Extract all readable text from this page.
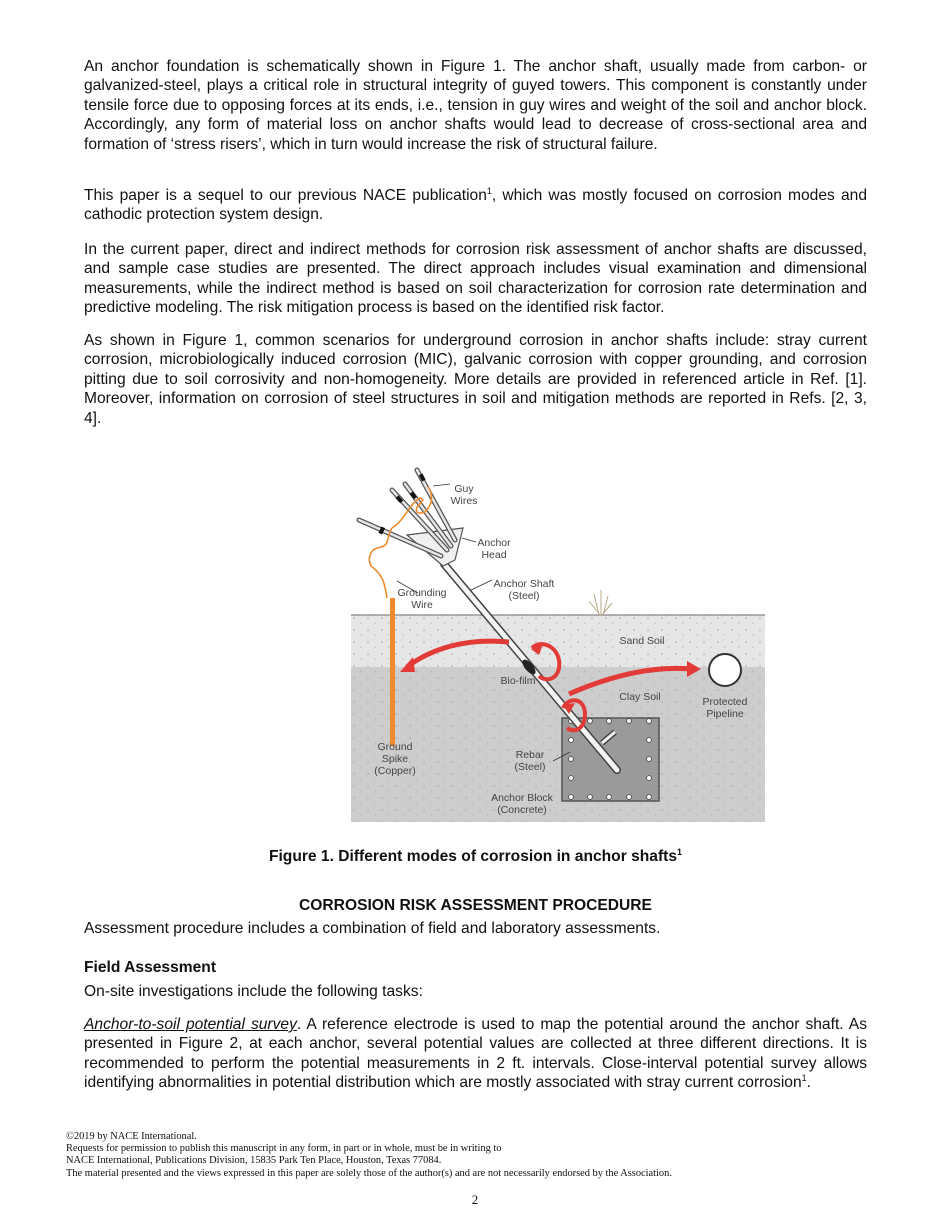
An anchor foundation is schematically shown in Figure 1. The anchor shaft, usually made from carbon- or galvanized-steel, plays a critical role in structural integrity of guyed towers. This component is constantly under tensile force due to opposing forces at its ends, i.e., tension in guy wires and weight of the soil and anchor block. Accordingly, any form of material loss on anchor shafts would lead to decrease of cross-sectional area and formation of ‘stress risers’, which in turn would increase the risk of structural failure.

This paper is a sequel to our previous NACE publication$^1$, which was mostly focused on corrosion modes and cathodic protection system design.

In the current paper, direct and indirect methods for corrosion risk assessment of anchor shafts are discussed, and sample case studies are presented. The direct approach includes visual examination and dimensional measurements, while the indirect method is based on soil characterization for corrosion rate determination and predictive modeling. The risk mitigation process is based on the identified risk factor.

As shown in Figure 1, common scenarios for underground corrosion in anchor shafts include: stray current corrosion, microbiologically induced corrosion (MIC), galvanic corrosion with copper grounding, and corrosion pitting due to soil corrosivity and non-homogeneity. More details are provided in referenced article in Ref. [1]. Moreover, information on corrosion of steel structures in soil and mitigation methods are reported in Refs. [2, 3, 4].

Guy
Wires
Anchor
Head
Anchor Shaft
(Steel)
Grounding
Wire
Sand Soil
Bio-film
Clay Soil	Protected
Pipeline
Ground
Spike
(Copper)
Rebar
(Steel)
Anchor Block
(Concrete)
Figure 1. Different modes of corrosion in anchor shafts$^1$
CORROSION RISK ASSESSMENT PROCEDURE

Assessment procedure includes a combination of field and laboratory assessments.

Field Assessment

On-site investigations include the following tasks:

Anchor-to-soil potential survey. A reference electrode is used to map the potential around the anchor shaft. As presented in Figure 2, at each anchor, several potential values are collected at three different directions. It is recommended to perform the potential measurements in 2 ft. intervals. Close-interval potential survey allows identifying abnormalities in potential distribution which are mostly associated with stray current corrosion$^1$.

©2019 by NACE International.
Requests for permission to publish this manuscript in any form, in part or in whole, must be in writing to
NACE International, Publications Division, 15835 Park Ten Place, Houston, Texas 77084.
The material presented and the views expressed in this paper are solely those of the author(s) and are not necessarily endorsed by the Association.
2
